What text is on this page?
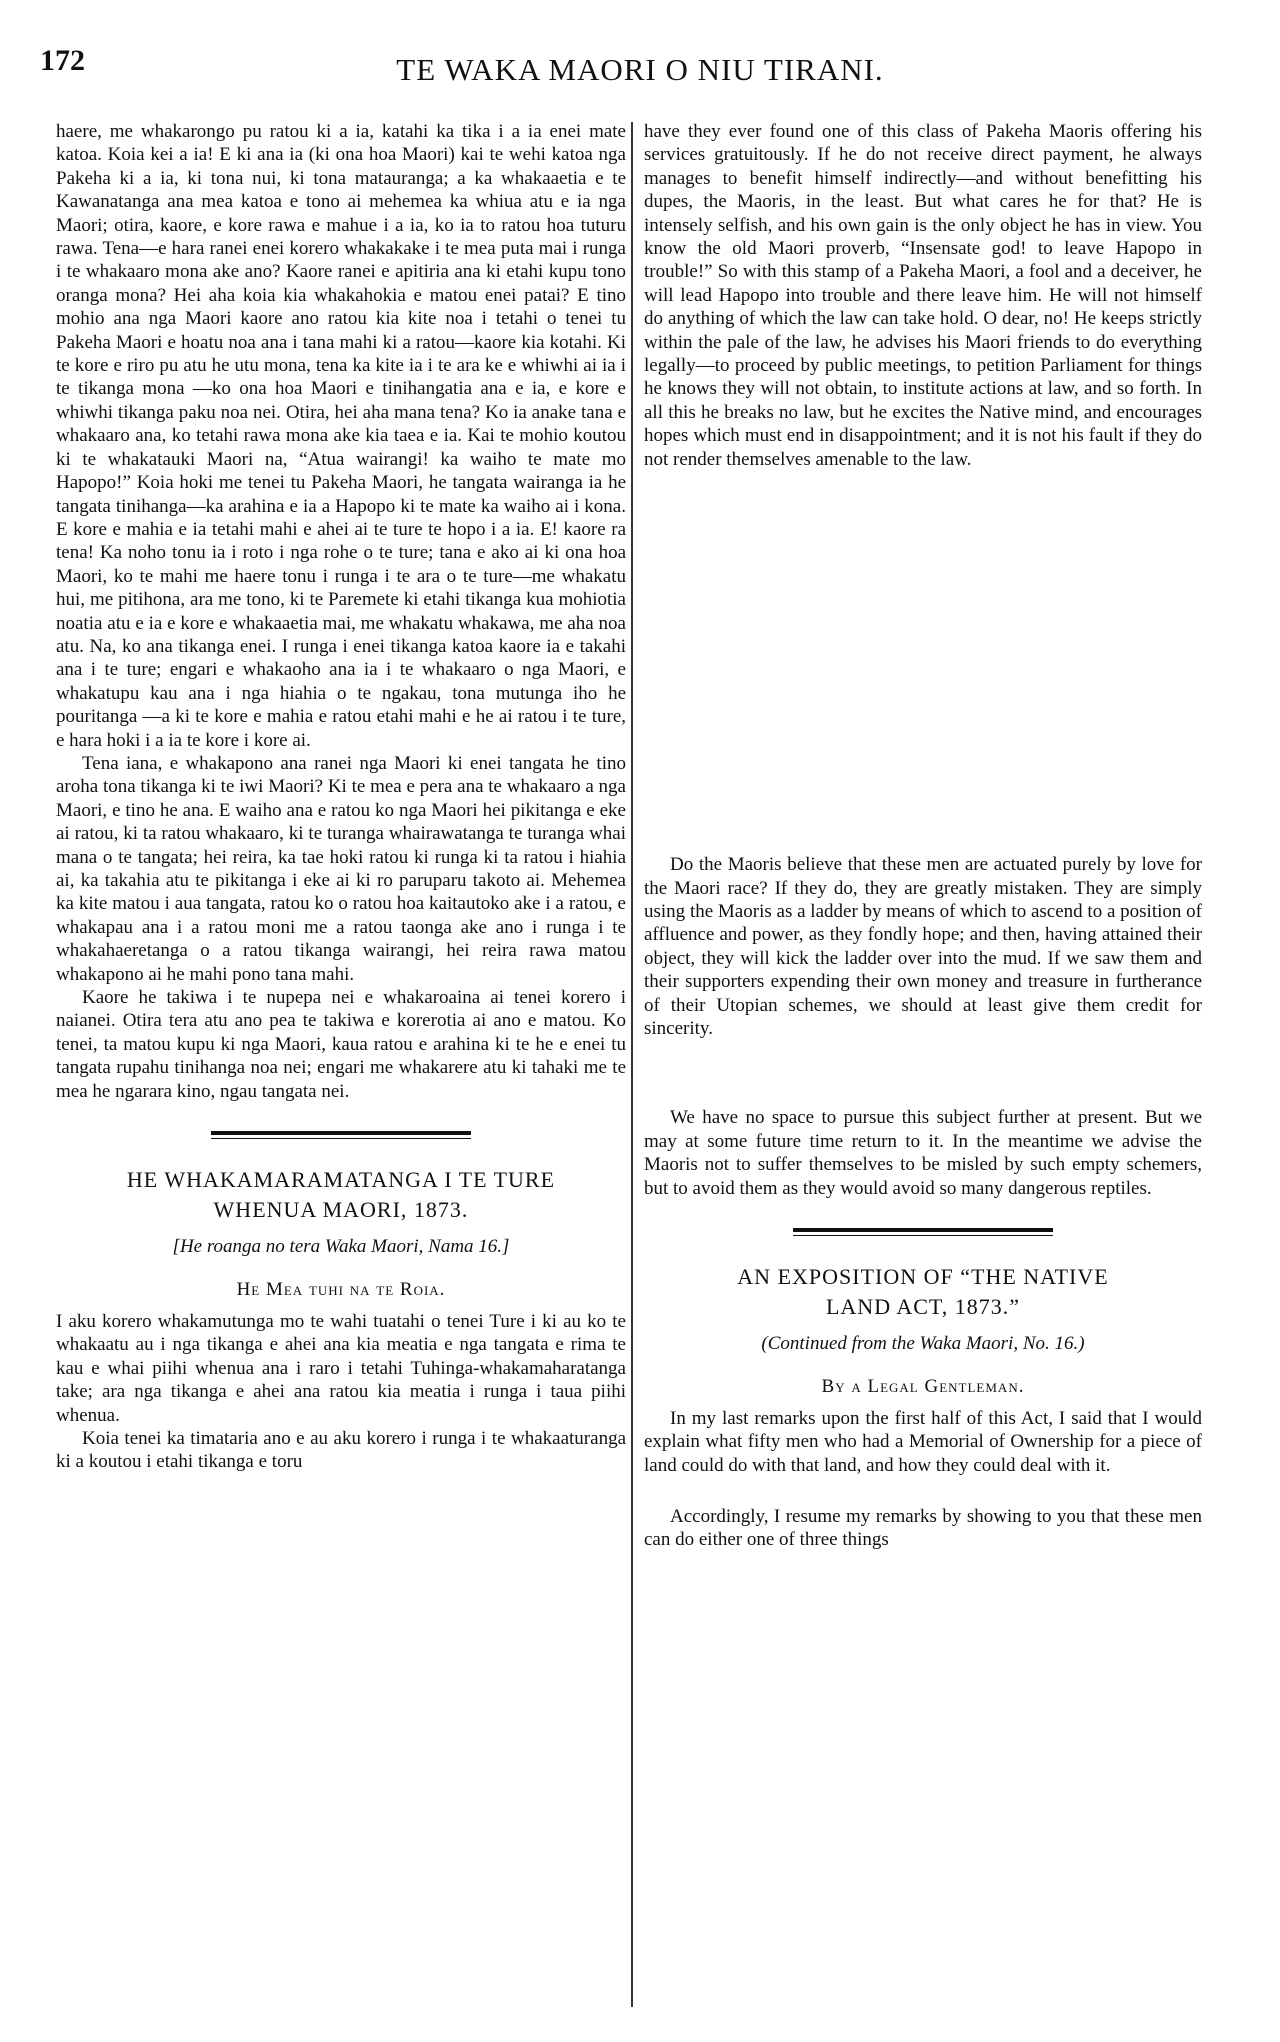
172	TE WAKA MAORI O NIU TIRANI.

haere, me whakarongo pu ratou ki a ia, katahi ka tika i a ia enei mate katoa. Koia kei a ia! E ki ana ia (ki ona hoa Maori) kai te wehi katoa nga Pakeha ki a ia, ki tona nui, ki tona matauranga; a ka whakaaetia e te Kawanatanga ana mea katoa e tono ai mehemea ka whiua atu e ia nga Maori; otira, kaore, e kore rawa e mahue i a ia, ko ia to ratou hoa tuturu rawa. Tena—e hara ranei enei korero whakakake i te mea puta mai i runga i te whakaaro mona ake ano? Kaore ranei e apitiria ana ki etahi kupu tono oranga mona? Hei aha koia kia whakahokia e matou enei patai? E tino mohio ana nga Maori kaore ano ratou kia kite noa i tetahi o tenei tu Pakeha Maori e hoatu noa ana i tana mahi ki a ratou—kaore kia kotahi. Ki te kore e riro pu atu he utu mona, tena ka kite ia i te ara ke e whiwhi ai ia i te tikanga mona —ko ona hoa Maori e tinihangatia ana e ia, e kore e whiwhi tikanga paku noa nei. Otira, hei aha mana tena? Ko ia anake tana e whakaaro ana, ko tetahi rawa mona ake kia taea e ia. Kai te mohio koutou ki te whakatauki Maori na, “Atua wairangi! ka waiho te mate mo Hapopo!” Koia hoki me tenei tu Pakeha Maori, he tangata wairanga ia he tangata tinihanga—ka arahina e ia a Hapopo ki te mate ka waiho ai i kona. E kore e mahia e ia tetahi mahi e ahei ai te ture te hopo i a ia. E! kaore ra tena! Ka noho tonu ia i roto i nga rohe o te ture; tana e ako ai ki ona hoa Maori, ko te mahi me haere tonu i runga i te ara o te ture—me whakatu hui, me pitihona, ara me tono, ki te Paremete ki etahi tikanga kua mohiotia noatia atu e ia e kore e whakaaetia mai, me whakatu whakawa, me aha noa atu. Na, ko ana tikanga enei. I runga i enei tikanga katoa kaore ia e takahi ana i te ture; engari e whakaoho ana ia i te whakaaro o nga Maori, e whakatupu kau ana i nga hiahia o te ngakau, tona mutunga iho he pouritanga —a ki te kore e mahia e ratou etahi mahi e he ai ratou i te ture, e hara hoki i a ia te kore i kore ai.

Tena iana, e whakapono ana ranei nga Maori ki enei tangata he tino aroha tona tikanga ki te iwi Maori? Ki te mea e pera ana te whakaaro a nga Maori, e tino he ana. E waiho ana e ratou ko nga Maori hei pikitanga e eke ai ratou, ki ta ratou whakaaro, ki te turanga whairawatanga te turanga whai mana o te tangata; hei reira, ka tae hoki ratou ki runga ki ta ratou i hiahia ai, ka takahia atu te pikitanga i eke ai ki ro paruparu takoto ai. Mehemea ka kite matou i aua tangata, ratou ko o ratou hoa kaitautoko ake i a ratou, e whakapau ana i a ratou moni me a ratou taonga ake ano i runga i te whakahaeretanga o a ratou tikanga wairangi, hei reira rawa matou whakapono ai he mahi pono tana mahi.

Kaore he takiwa i te nupepa nei e whakaroaina ai tenei korero i naianei. Otira tera atu ano pea te takiwa e korerotia ai ano e matou. Ko tenei, ta matou kupu ki nga Maori, kaua ratou e arahina ki te he e enei tu tangata rupahu tinihanga noa nei; engari me whakarere atu ki tahaki me te mea he ngarara kino, ngau tangata nei.

HE WHAKAMARAMATANGA I TE TURE
WHENUA MAORI, 1873.
[He roanga no tera Waka Maori, Nama 16.]
He Mea tuhi na te Roia.

I aku korero whakamutunga mo te wahi tuatahi o tenei Ture i ki au ko te whakaatu au i nga tikanga e ahei ana kia meatia e nga tangata e rima te kau e whai piihi whenua ana i raro i tetahi Tuhinga-whakamaharatanga take; ara nga tikanga e ahei ana ratou kia meatia i runga i taua piihi whenua.

Koia tenei ka timataria ano e au aku korero i runga i te whakaaturanga ki a koutou i etahi tikanga e toru

have they ever found one of this class of Pakeha Maoris offering his services gratuitously. If he do not receive direct payment, he always manages to benefit himself indirectly—and without benefitting his dupes, the Maoris, in the least. But what cares he for that? He is intensely selfish, and his own gain is the only object he has in view. You know the old Maori proverb, “Insensate god! to leave Hapopo in trouble!” So with this stamp of a Pakeha Maori, a fool and a deceiver, he will lead Hapopo into trouble and there leave him. He will not himself do anything of which the law can take hold. O dear, no! He keeps strictly within the pale of the law, he advises his Maori friends to do everything legally—to proceed by public meetings, to petition Parliament for things he knows they will not obtain, to institute actions at law, and so forth. In all this he breaks no law, but he excites the Native mind, and encourages hopes which must end in disappointment; and it is not his fault if they do not render themselves amenable to the law.

Do the Maoris believe that these men are actuated purely by love for the Maori race? If they do, they are greatly mistaken. They are simply using the Maoris as a ladder by means of which to ascend to a position of affluence and power, as they fondly hope; and then, having attained their object, they will kick the ladder over into the mud. If we saw them and their supporters expending their own money and treasure in furtherance of their Utopian schemes, we should at least give them credit for sincerity.

We have no space to pursue this subject further at present. But we may at some future time return to it. In the meantime we advise the Maoris not to suffer themselves to be misled by such empty schemers, but to avoid them as they would avoid so many dangerous reptiles.

AN EXPOSITION OF “THE NATIVE
LAND ACT, 1873.”
(Continued from the Waka Maori, No. 16.)
By a Legal Gentleman.

In my last remarks upon the first half of this Act, I said that I would explain what fifty men who had a Memorial of Ownership for a piece of land could do with that land, and how they could deal with it.

Accordingly, I resume my remarks by showing to you that these men can do either one of three things
